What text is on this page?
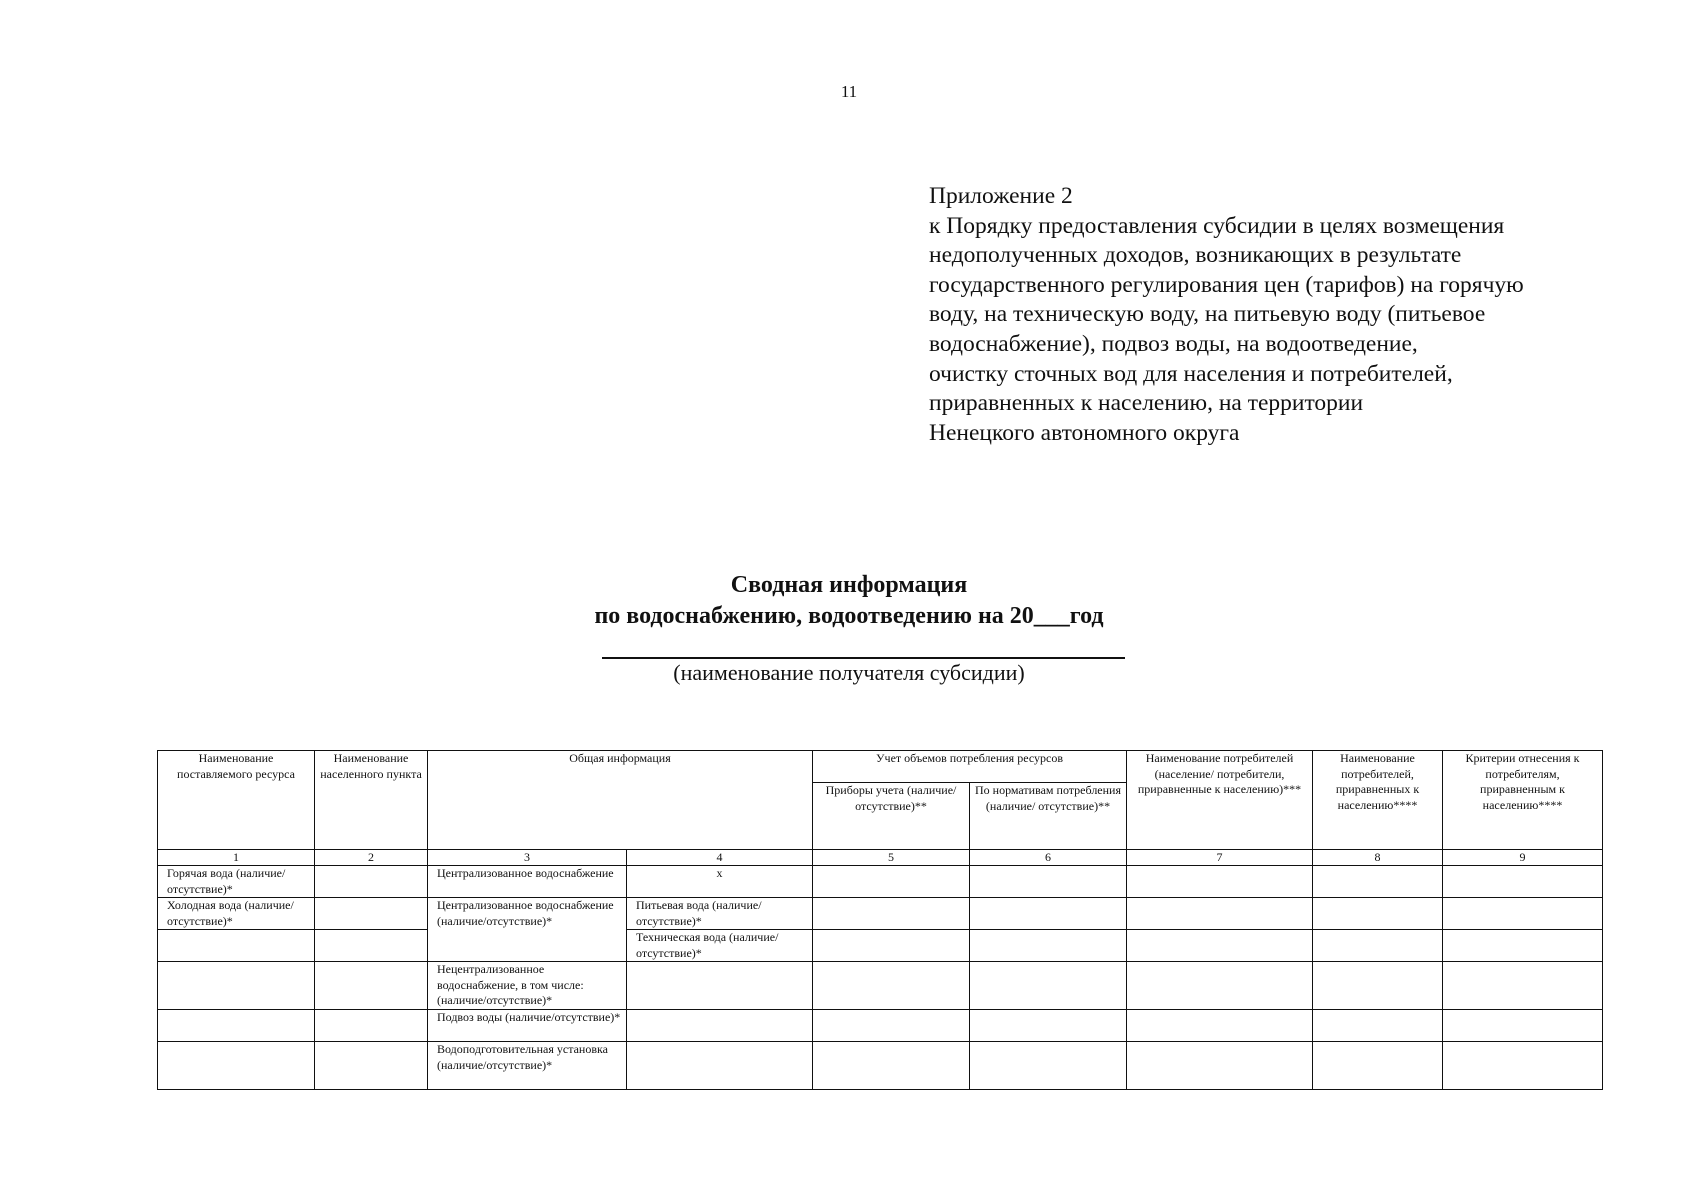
11
Приложение 2
к Порядку предоставления субсидии в целях возмещения
недополученных доходов, возникающих в результате
государственного регулирования цен (тарифов) на горячую
воду, на техническую воду, на питьевую воду (питьевое
водоснабжение), подвоз воды, на водоотведение,
очистку сточных вод для населения и потребителей,
приравненных к населению, на территории
Ненецкого автономного округа
Сводная информация
по водоснабжению, водоотведению на 20___год
(наименование получателя субсидии)
Наименование поставляемого ресурса	Наименование населенного пункта	Общая информация		Учет объемов потребления ресурсов		Наименование потребителей (население/ потребители, приравненные к населению)***	Наименование потребителей, приравненных к населению****	Критерии отнесения к потребителям, приравненным к населению****
				Приборы учета (наличие/ отсутствие)**	По нормативам потребления (наличие/ отсутствие)**			
1	2	3	4	5	6	7	8	9
Горячая вода (наличие/отсутствие)*		Централизованное водоснабжение	х					
Холодная вода (наличие/отсутствие)*		Централизованное водоснабжение (наличие/отсутствие)*	Питьевая вода (наличие/отсутствие)*					
			Техническая вода (наличие/отсутствие)*					
		Нецентрализованное водоснабжение, в том числе: (наличие/отсутствие)*						
		Подвоз воды (наличие/отсутствие)*						
		Водоподготовительная установка (наличие/отсутствие)*						
